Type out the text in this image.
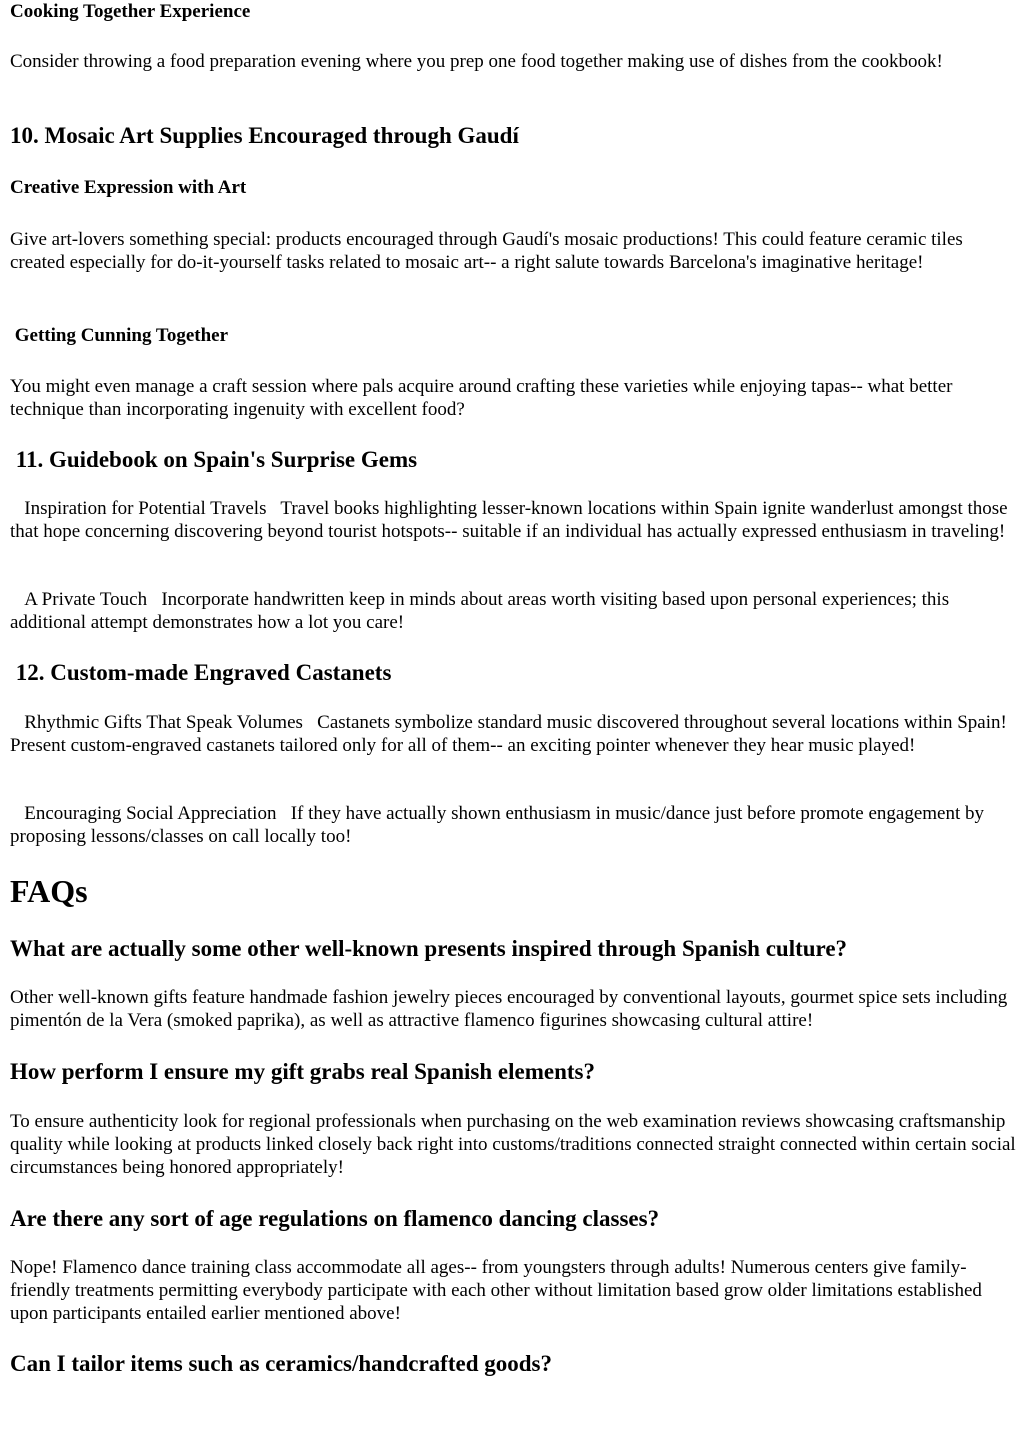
Cooking Together Experience

Consider throwing a food preparation evening where you prep one food together making use of dishes from the cookbook!

10. Mosaic Art Supplies Encouraged through Gaudí
Creative Expression with Art

Give art-lovers something special: products encouraged through Gaudí's mosaic productions! This could feature ceramic tiles created especially for do-it-yourself tasks related to mosaic art-- a right salute towards Barcelona's imaginative heritage!

Getting Cunning Together

You might even manage a craft session where pals acquire around crafting these varieties while enjoying tapas-- what better technique than incorporating ingenuity with excellent food?

11. Guidebook on Spain's Surprise Gems

Inspiration for Potential Travels   Travel books highlighting lesser-known locations within Spain ignite wanderlust amongst those that hope concerning discovering beyond tourist hotspots-- suitable if an individual has actually expressed enthusiasm in traveling!

A Private Touch   Incorporate handwritten keep in minds about areas worth visiting based upon personal experiences; this additional attempt demonstrates how a lot you care!

12. Custom-made Engraved Castanets

Rhythmic Gifts That Speak Volumes   Castanets symbolize standard music discovered throughout several locations within Spain! Present custom-engraved castanets tailored only for all of them-- an exciting pointer whenever they hear music played!

Encouraging Social Appreciation   If they have actually shown enthusiasm in music/dance just before promote engagement by proposing lessons/classes on call locally too!

FAQs
What are actually some other well-known presents inspired through Spanish culture?

Other well-known gifts feature handmade fashion jewelry pieces encouraged by conventional layouts, gourmet spice sets including pimentón de la Vera (smoked paprika), as well as attractive flamenco figurines showcasing cultural attire!

How perform I ensure my gift grabs real Spanish elements?

To ensure authenticity look for regional professionals when purchasing on the web examination reviews showcasing craftsmanship quality while looking at products linked closely back right into customs/traditions connected straight connected within certain social circumstances being honored appropriately!

Are there any sort of age regulations on flamenco dancing classes?

Nope! Flamenco dance training class accommodate all ages-- from youngsters through adults! Numerous centers give family-friendly treatments permitting everybody participate with each other without limitation based grow older limitations established upon participants entailed earlier mentioned above!

Can I tailor items such as ceramics/handcrafted goods?
